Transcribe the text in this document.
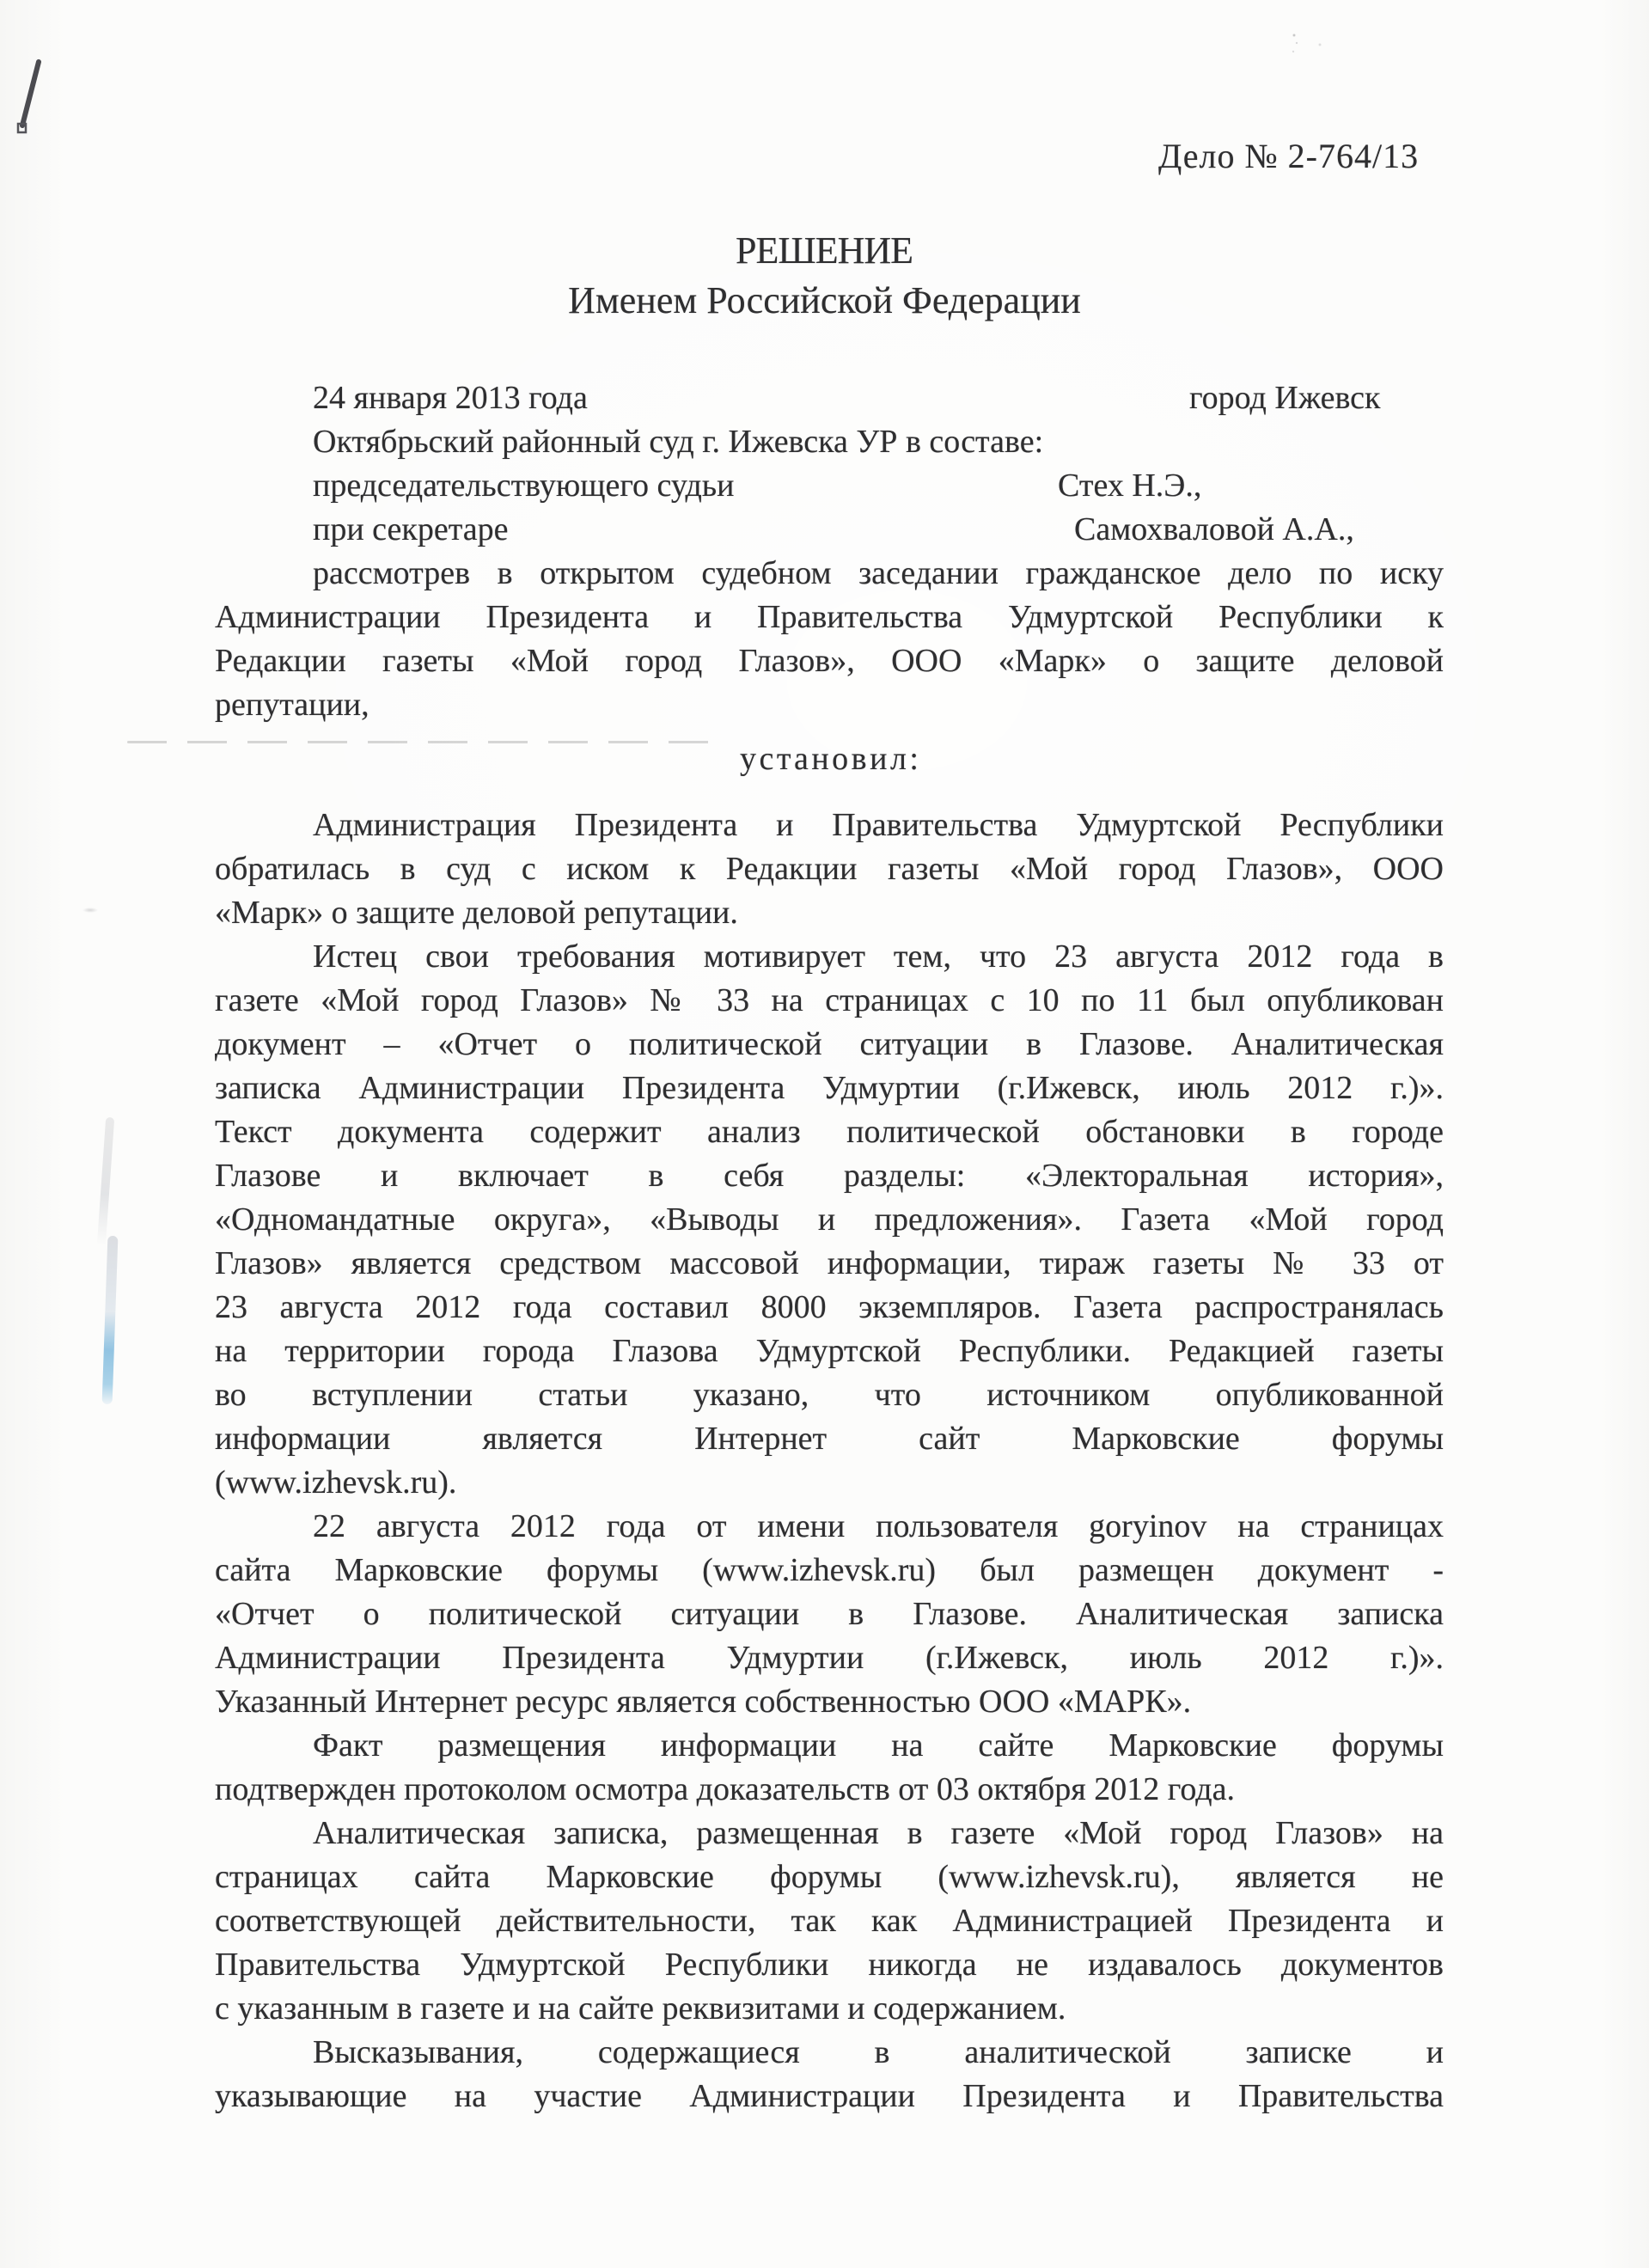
Дело № 2-764/13
Р Е Ш Е Н И Е
Именем Российской Федерации
24 января 2013 года	город Ижевск
Октябрьский районный суд г. Ижевска УР в составе:
председательствующего судьи	Стех Н.Э.,
при секретаре	Самохваловой А.А.,
рассмотрев в открытом судебном заседании гражданское дело по иску
Администрации Президента и Правительства Удмуртской Республики к
Редакции газеты «Мой город Глазов», ООО «Марк» о защите деловой
репутации,
у с т а н о в и л :
Администрация Президента и Правительства Удмуртской Республики
обратилась в суд с иском к Редакции газеты «Мой город Глазов», ООО
«Марк» о защите деловой репутации.
Истец свои требования мотивирует тем, что 23 августа 2012 года в
газете «Мой город Глазов» № 33 на страницах с 10 по 11 был опубликован
документ – «Отчет о политической ситуации в Глазове. Аналитическая
записка Администрации Президента Удмуртии (г.Ижевск, июль 2012 г.)».
Текст документа содержит анализ политической обстановки в городе
Глазове и включает в себя разделы: «Электоральная история»,
«Одномандатные округа», «Выводы и предложения». Газета «Мой город
Глазов» является средством массовой информации, тираж газеты № 33 от
23 августа 2012 года составил 8000 экземпляров. Газета распространялась
на территории города Глазова Удмуртской Республики. Редакцией газеты
во вступлении статьи указано, что источником опубликованной
информации является Интернет сайт Марковские форумы
(www.izhevsk.ru).
22 августа 2012 года от имени пользователя goryinov на страницах
сайта Марковские форумы (www.izhevsk.ru) был размещен документ -
«Отчет о политической ситуации в Глазове. Аналитическая записка
Администрации Президента Удмуртии (г.Ижевск, июль 2012 г.)».
Указанный Интернет ресурс является собственностью ООО «МАРК».
Факт размещения информации на сайте Марковские форумы
подтвержден протоколом осмотра доказательств от 03 октября 2012 года.
Аналитическая записка, размещенная в газете «Мой город Глазов» на
страницах сайта Марковские форумы (www.izhevsk.ru), является не
соответствующей действительности, так как Администрацией Президента и
Правительства Удмуртской Республики никогда не издавалось документов
с указанным в газете и на сайте реквизитами и содержанием.
Высказывания, содержащиеся в аналитической записке и
указывающие на участие Администрации Президента и Правительства
